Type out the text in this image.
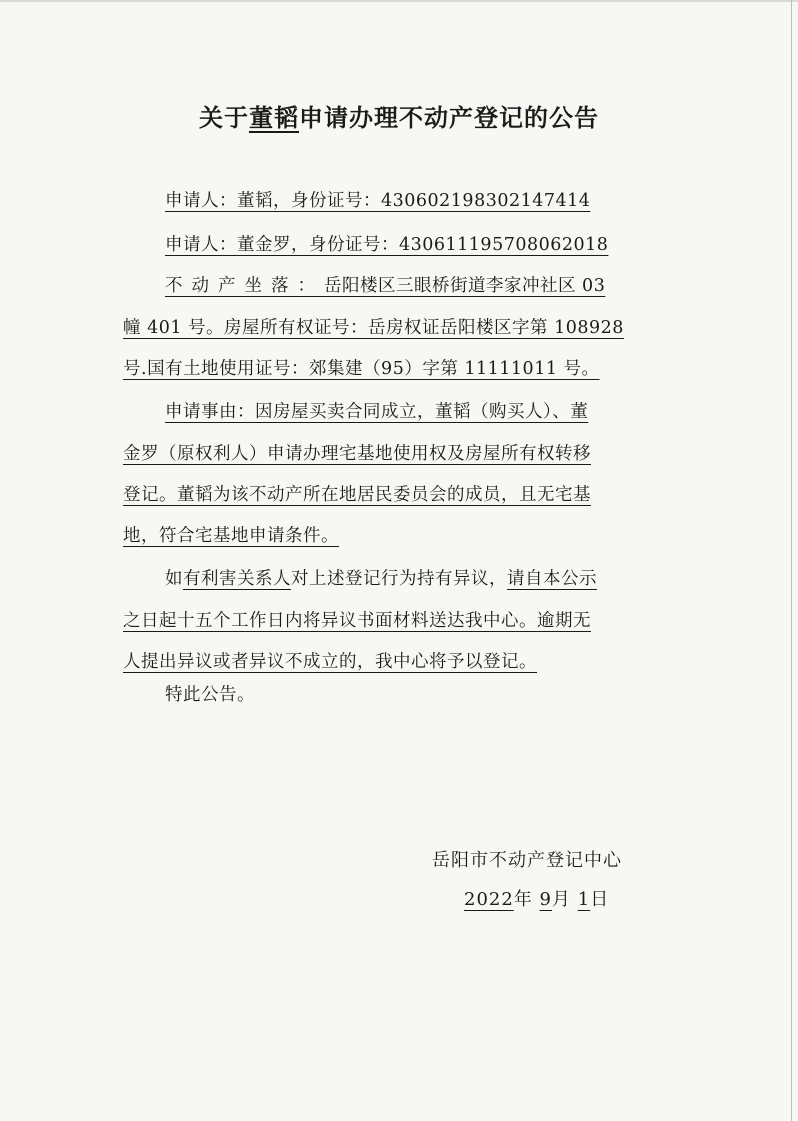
关于董韬申请办理不动产登记的公告
申请人：董韬，身份证号：430602198302147414
申请人：董金罗，身份证号：430611195708062018
不动产坐落：岳阳楼区三眼桥街道李家冲社区 03
幢 401 号。房屋所有权证号：岳房权证岳阳楼区字第 108928
号.国有土地使用证号：郊集建（95）字第 11111011 号。
申请事由：因房屋买卖合同成立，董韬（购买人）、董
金罗（原权利人）申请办理宅基地使用权及房屋所有权转移
登记。董韬为该不动产所在地居民委员会的成员，且无宅基
地，符合宅基地申请条件。
如有利害关系人对上述登记行为持有异议，请自本公示
之日起十五个工作日内将异议书面材料送达我中心。逾期无
人提出异议或者异议不成立的，我中心将予以登记。
特此公告。
岳阳市不动产登记中心
2022年 9月 1日
